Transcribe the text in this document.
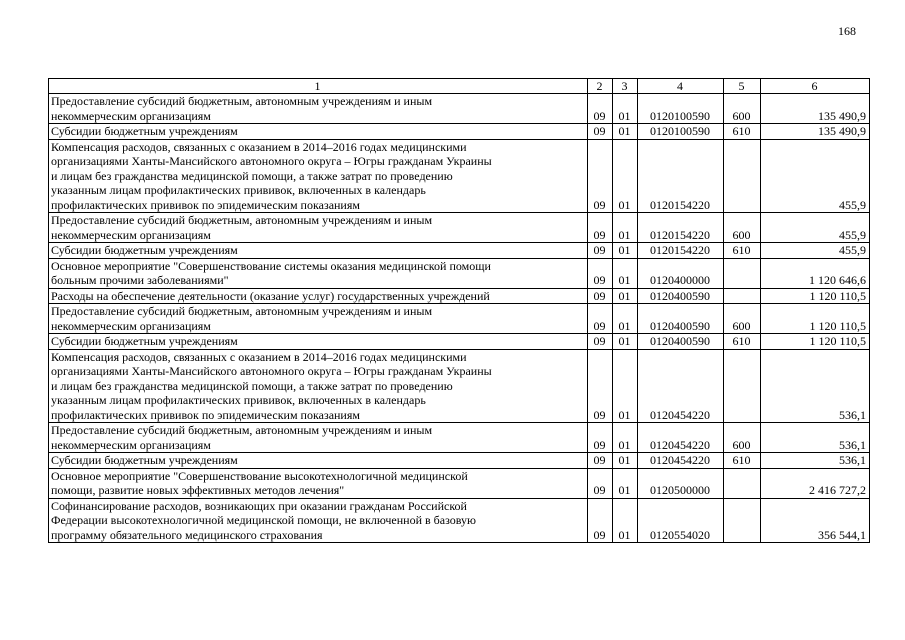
168
1	2	3	4	5	6

Предоставление субсидий бюджетным, автономным учреждениям и иным
некоммерческим организациям	09	01	0120100590	600	135 490,9

Субсидии бюджетным учреждениям	09	01	0120100590	610	135 490,9

Компенсация расходов, связанных с оказанием в 2014–2016 годах медицинскими
организациями Ханты-Мансийского автономного округа – Югры гражданам Украины
и лицам без гражданства медицинской помощи, а также затрат по проведению
указанным лицам профилактических прививок, включенных в календарь
профилактических прививок по эпидемическим показаниям	09	01	0120154220		455,9

Предоставление субсидий бюджетным, автономным учреждениям и иным
некоммерческим организациям	09	01	0120154220	600	455,9

Субсидии бюджетным учреждениям	09	01	0120154220	610	455,9

Основное мероприятие "Совершенствование системы оказания медицинской помощи
больным прочими заболеваниями"	09	01	0120400000		1 120 646,6

Расходы на обеспечение деятельности (оказание услуг) государственных учреждений	09	01	0120400590		1 120 110,5

Предоставление субсидий бюджетным, автономным учреждениям и иным
некоммерческим организациям	09	01	0120400590	600	1 120 110,5

Субсидии бюджетным учреждениям	09	01	0120400590	610	1 120 110,5

Компенсация расходов, связанных с оказанием в 2014–2016 годах медицинскими
организациями Ханты-Мансийского автономного округа – Югры гражданам Украины
и лицам без гражданства медицинской помощи, а также затрат по проведению
указанным лицам профилактических прививок, включенных в календарь
профилактических прививок по эпидемическим показаниям	09	01	0120454220		536,1

Предоставление субсидий бюджетным, автономным учреждениям и иным
некоммерческим организациям	09	01	0120454220	600	536,1

Субсидии бюджетным учреждениям	09	01	0120454220	610	536,1

Основное мероприятие "Совершенствование высокотехнологичной медицинской
помощи, развитие новых эффективных методов лечения"	09	01	0120500000		2 416 727,2

Софинансирование расходов, возникающих при оказании гражданам Российской
Федерации высокотехнологичной медицинской помощи, не включенной в базовую
программу обязательного медицинского страхования	09	01	0120554020		356 544,1
